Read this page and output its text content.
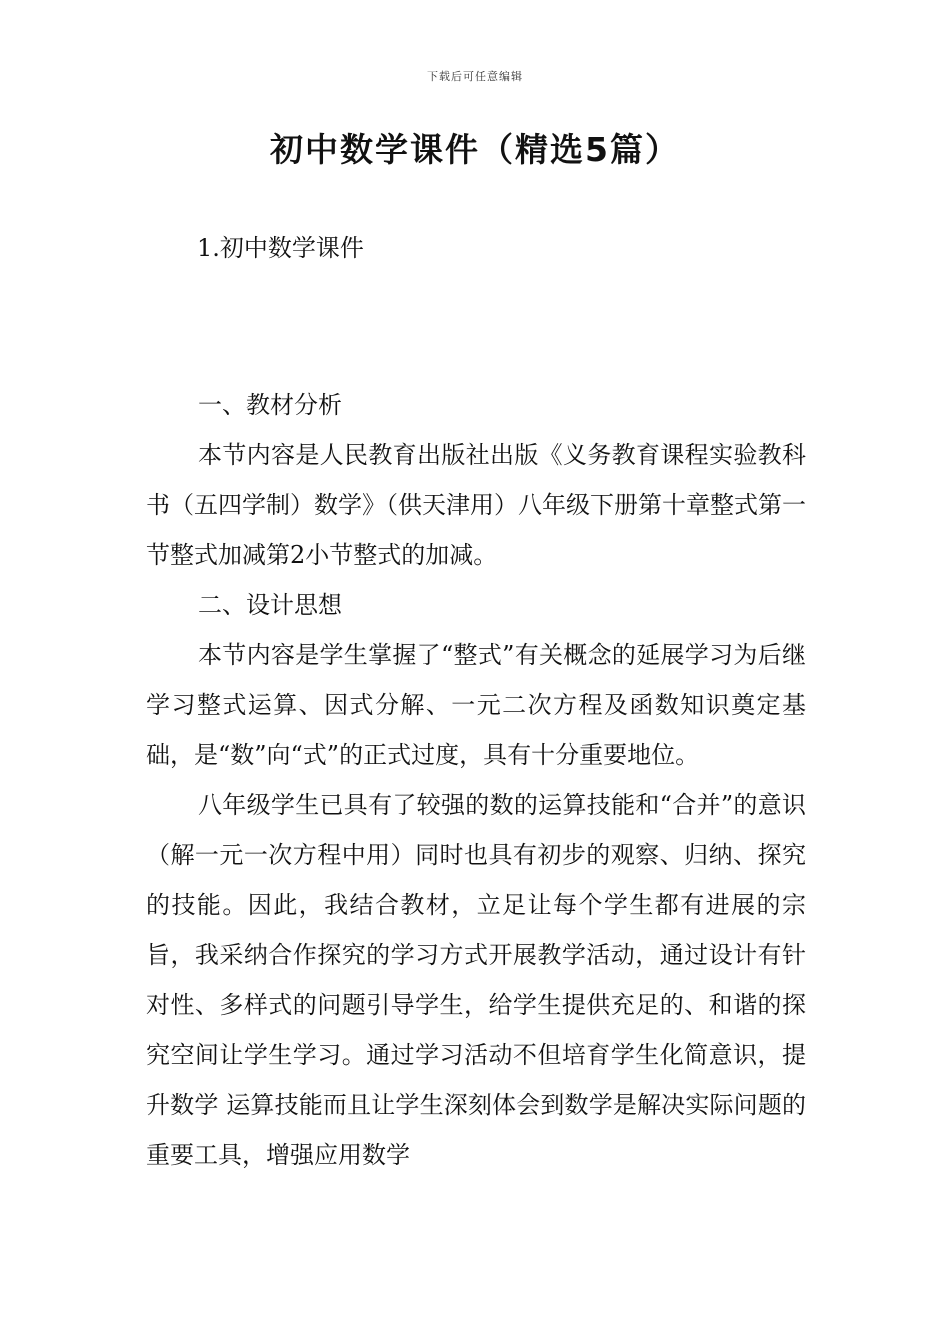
下载后可任意编辑
初中数学课件（精选5篇）
1.初中数学课件

一、教材分析

本节内容是人民教育出版社出版《义务教育课程实验教科书（五四学制）数学》（供天津用）八年级下册第十章整式第一节整式加减第2小节整式的加减。

二、设计思想

本节内容是学生掌握了“整式”有关概念的延展学习为后继学习整式运算、因式分解、一元二次方程及函数知识奠定基础，是“数”向“式”的正式过度，具有十分重要地位。

八年级学生已具有了较强的数的运算技能和“合并”的意识（解一元一次方程中用）同时也具有初步的观察、归纳、探究的技能。因此，我结合教材，立足让每个学生都有进展的宗旨，我采纳合作探究的学习方式开展教学活动，通过设计有针对性、多样式的问题引导学生，给学生提供充足的、和谐的探究空间让学生学习。通过学习活动不但培育学生化简意识，提升数学 运算技能而且让学生深刻体会到数学是解决实际问题的重要工具，增强应用数学
